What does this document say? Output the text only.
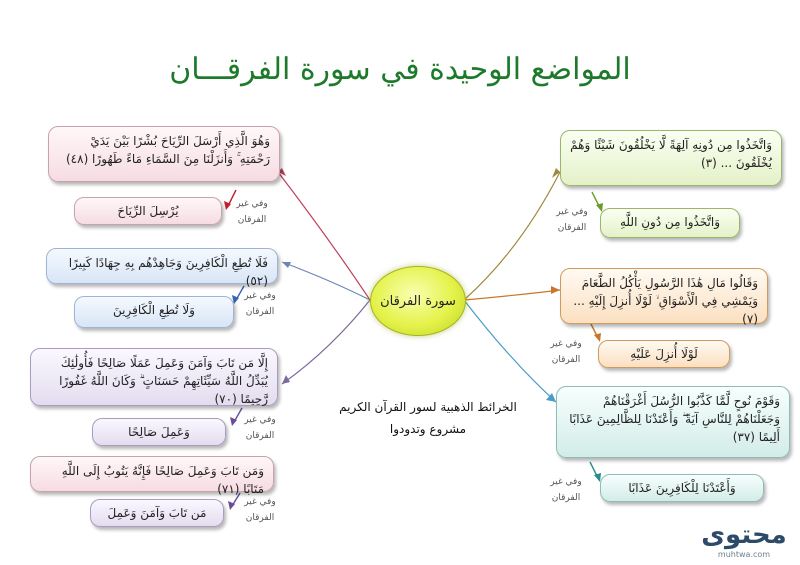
المواضع الوحيدة في سورة الفرقـــان
سورة الفرقان
الخرائط الذهبية لسور القرآن الكريم
مشروع وتدودوا
وَهُوَ الَّذِي أَرْسَلَ الرِّيَاحَ بُشْرًا بَيْنَ يَدَيْ رَحْمَتِهِ ۚ وَأَنزَلْنَا مِنَ السَّمَاءِ مَاءً طَهُورًا (٤٨)
يُرْسِلَ الرِّيَاحَ	وفي غير الفرقان
فَلَا تُطِعِ الْكَافِرِينَ وَجَاهِدْهُم بِهِ جِهَادًا كَبِيرًا (٥٢)
وَلَا تُطِعِ الْكَافِرِينَ
وفي غير الفرقان
إِلَّا مَن تَابَ وَآمَنَ وَعَمِلَ عَمَلًا صَالِحًا فَأُولَٰئِكَ يُبَدِّلُ اللَّهُ سَيِّئَاتِهِمْ حَسَنَاتٍ ۗ وَكَانَ اللَّهُ غَفُورًا رَّحِيمًا (٧٠)
وَعَمِلَ صَالِحًا
وفي غير الفرقان
وَمَن تَابَ وَعَمِلَ صَالِحًا فَإِنَّهُ يَتُوبُ إِلَى اللَّهِ مَتَابًا (٧١)
مَن تَابَ وَآمَنَ وَعَمِلَ
وفي غير الفرقان
وَاتَّخَذُوا مِن دُونِهِ آلِهَةً لَّا يَخْلُقُونَ شَيْئًا وَهُمْ يُخْلَقُونَ ... (٣)
وَاتَّخَذُوا مِن دُونِ اللَّهِ
وفي غير الفرقان
وَقَالُوا مَالِ هَٰذَا الرَّسُولِ يَأْكُلُ الطَّعَامَ وَيَمْشِي فِي الْأَسْوَاقِ ۙ لَوْلَا أُنزِلَ إِلَيْهِ ... (٧)
لَوْلَا أُنزِلَ عَلَيْهِ
وفي غير الفرقان
وَقَوْمَ نُوحٍ لَّمَّا كَذَّبُوا الرُّسُلَ أَغْرَقْنَاهُمْ وَجَعَلْنَاهُمْ لِلنَّاسِ آيَةً ۖ وَأَعْتَدْنَا لِلظَّالِمِينَ عَذَابًا أَلِيمًا (٣٧)
وَأَعْتَدْنَا لِلْكَافِرِينَ عَذَابًا
وفي غير الفرقان
محتوى
muhtwa.com
